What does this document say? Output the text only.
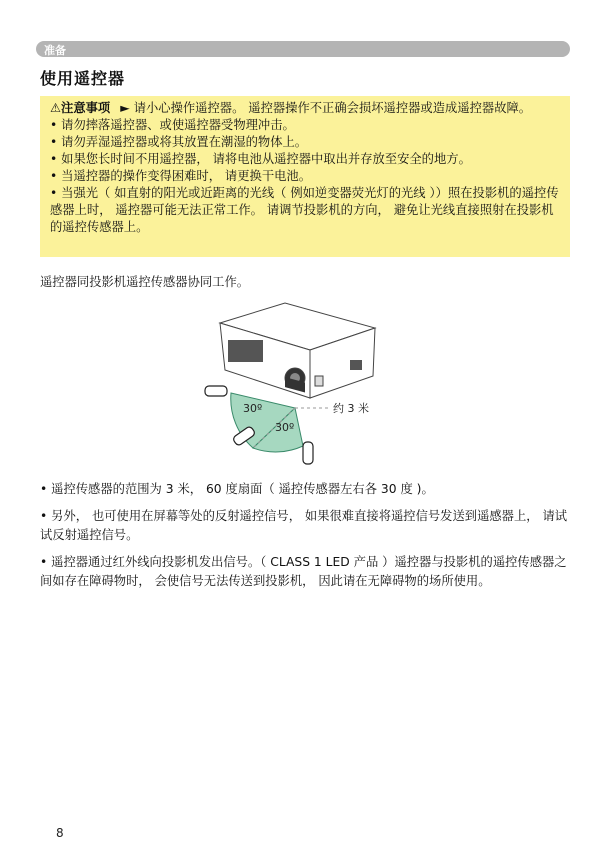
准备
使用遥控器

⚠注意事项 ► 请小心操作遥控器。 遥控器操作不正确会损坏遥控器或造成遥控器故障。

• 请勿摔落遥控器、或使遥控器受物理冲击。

• 请勿弄湿遥控器或将其放置在潮湿的物体上。

• 如果您长时间不用遥控器， 请将电池从遥控器中取出并存放至安全的地方。

• 当遥控器的操作变得困难时， 请更换干电池。

• 当强光（ 如直射的阳光或近距离的光线（ 例如逆变器荧光灯的光线 ））照在投影机的遥控传感器上时， 遥控器可能无法正常工作。 请调节投影机的方向， 避免让光线直接照射在投影机的遥控传感器上。

遥控器同投影机遥控传感器协同工作。
30º
30º
约 3 米

• 遥控传感器的范围为 3 米， 60 度扇面（ 遥控传感器左右各 30 度 )。

• 另外， 也可使用在屏幕等处的反射遥控信号， 如果很难直接将遥控信号发送到遥感器上， 请试试反射遥控信号。

• 遥控器通过红外线向投影机发出信号。（ CLASS 1 LED 产品 ）遥控器与投影机的遥控传感器之间如存在障碍物时， 会使信号无法传送到投影机， 因此请在无障碍物的场所使用。

8
